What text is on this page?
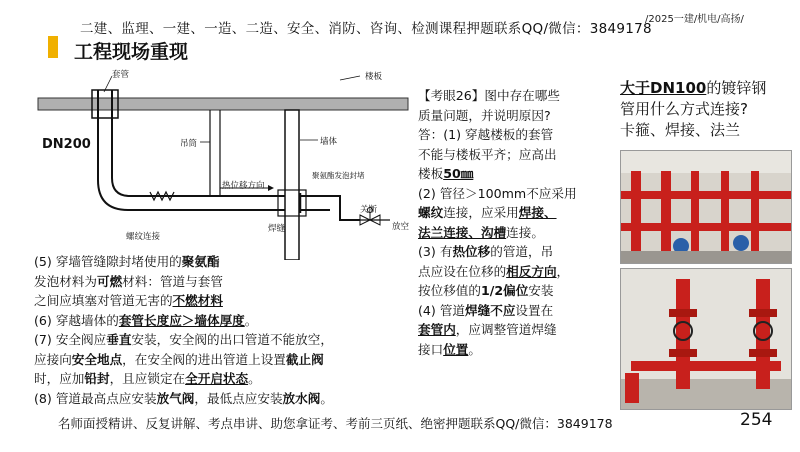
二建、监理、一建、一造、二造、安全、消防、咨询、检测课程押题联系QQ/微信：3849178
/2025一建/机电/高扬/
工程现场重现
DN200
套管	楼板
吊筒	墙体
聚氨酯发泡封堵
热位移方向
螺纹连接
焊缝
关断
放空
(5) 穿墙管缝隙封堵使用的聚氨酯
发泡材料为可燃材料：管道与套管
之间应填塞对管道无害的不燃材料
(6) 穿越墙体的套管长度应＞墙体厚度。
(7) 安全阀应垂直安装，安全阀的出口管道不能放空，
应接向安全地点，在安全阀的进出管道上设置截止阀
时，应加铅封，且应锁定在全开启状态。
(8) 管道最高点应安装放气阀，最低点应安装放水阀。
【考眼26】图中存在哪些
质量问题，并说明原因?
答：(1) 穿越楼板的套管
不能与楼板平齐；应高出
楼板50㎜
(2) 管径＞100mm不应采用
螺纹连接，应采用焊接、
法兰连接、沟槽连接。
(3) 有热位移的管道，吊
点应设在位移的相反方向，
按位移值的1/2偏位安装
(4) 管道焊缝不应设置在
套管内，应调整管道焊缝
接口位置。
大于DN100的镀锌钢
管用什么方式连接?
卡箍、焊接、法兰
名师面授精讲、反复讲解、考点串讲、助您拿证考、考前三页纸、绝密押题联系QQ/微信：3849178	254
